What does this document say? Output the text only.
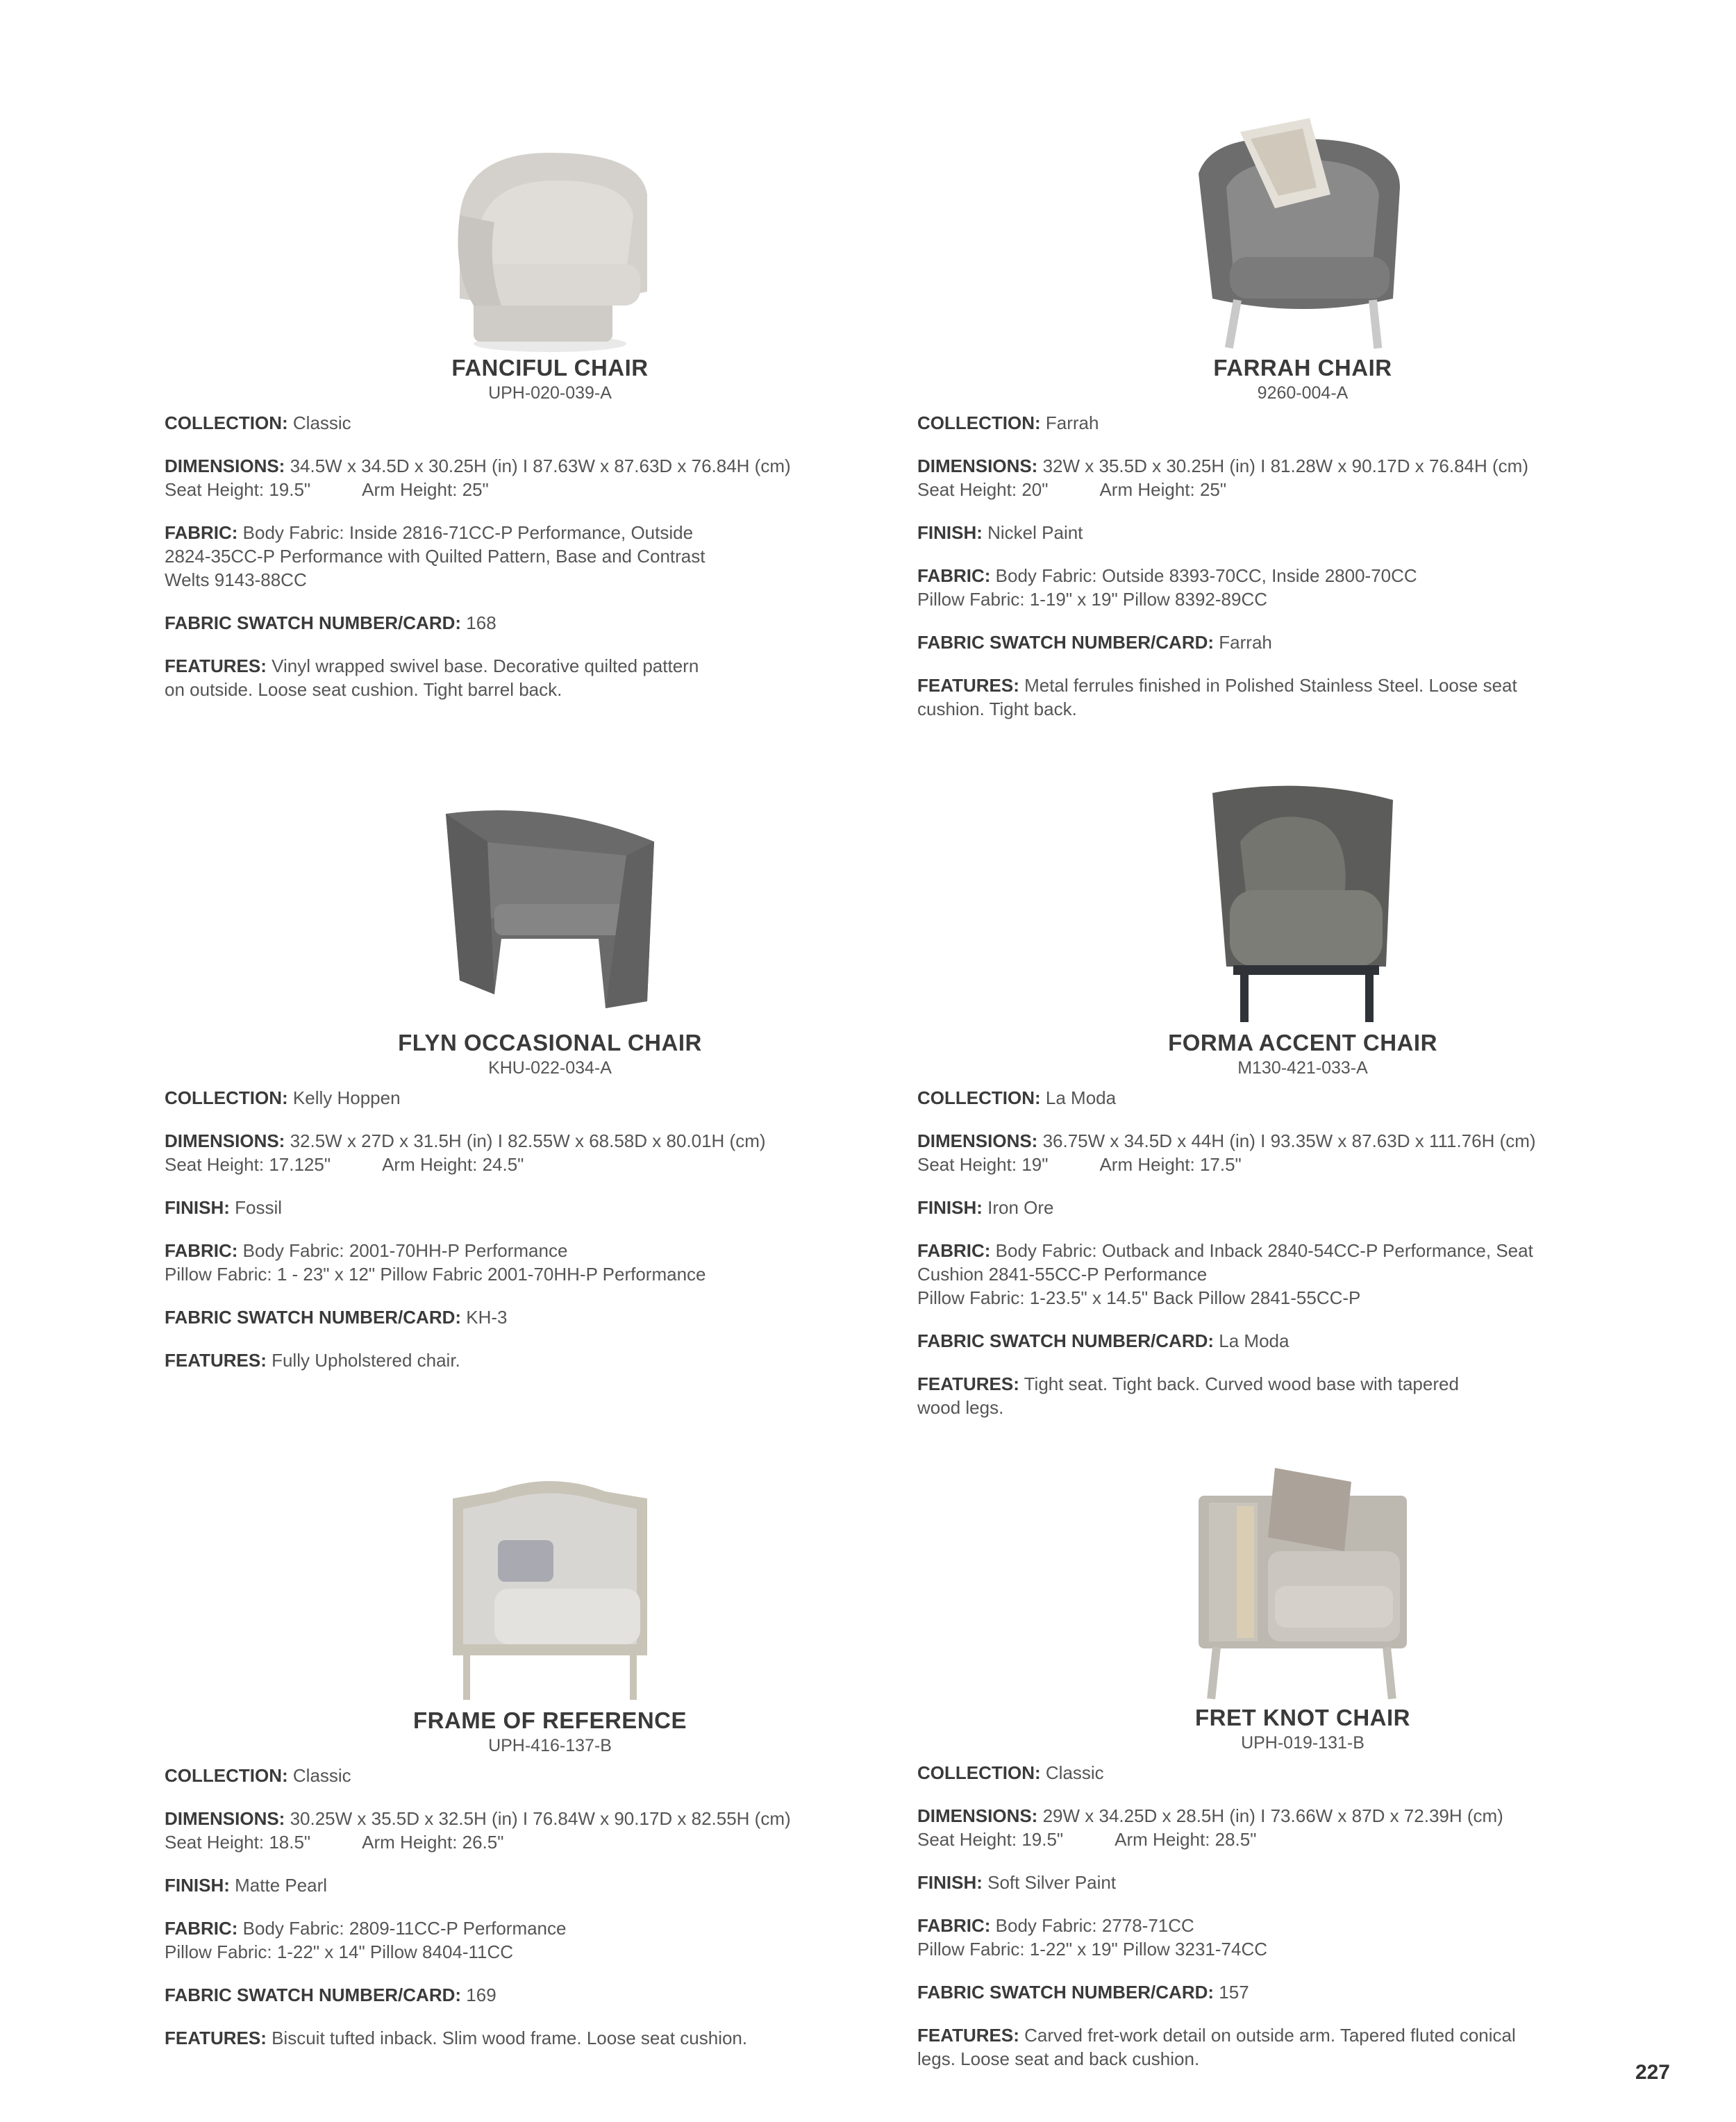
FANCIFUL CHAIR
UPH-020-039-A
COLLECTION: Classic
DIMENSIONS: 34.5W x 34.5D x 30.25H (in) I 87.63W x 87.63D x 76.84H (cm)
Seat Height: 19.5"	Arm Height: 25"
FABRIC: Body Fabric: Inside 2816-71CC-P Performance, Outside
2824-35CC-P Performance with Quilted Pattern, Base and Contrast
Welts 9143-88CC
FABRIC SWATCH NUMBER/CARD: 168
FEATURES: Vinyl wrapped swivel base. Decorative quilted pattern
on outside. Loose seat cushion. Tight barrel back.
FARRAH CHAIR
9260-004-A
COLLECTION: Farrah
DIMENSIONS: 32W x 35.5D x 30.25H (in) I 81.28W x 90.17D x 76.84H (cm)
Seat Height: 20"	Arm Height: 25"
FINISH: Nickel Paint
FABRIC: Body Fabric: Outside 8393-70CC, Inside 2800-70CC
Pillow Fabric: 1-19" x 19" Pillow 8392-89CC
FABRIC SWATCH NUMBER/CARD: Farrah
FEATURES: Metal ferrules finished in Polished Stainless Steel. Loose seat
cushion. Tight back.
FLYN OCCASIONAL CHAIR
KHU-022-034-A
COLLECTION: Kelly Hoppen
DIMENSIONS: 32.5W x 27D x 31.5H (in) I 82.55W x 68.58D x 80.01H (cm)
Seat Height: 17.125"	Arm Height: 24.5"
FINISH: Fossil
FABRIC: Body Fabric: 2001-70HH-P Performance
Pillow Fabric: 1 - 23" x 12" Pillow Fabric 2001-70HH-P Performance
FABRIC SWATCH NUMBER/CARD: KH-3
FEATURES: Fully Upholstered chair.
FORMA ACCENT CHAIR
M130-421-033-A
COLLECTION: La Moda
DIMENSIONS: 36.75W x 34.5D x 44H (in) I 93.35W x 87.63D x 111.76H (cm)
Seat Height: 19"	Arm Height: 17.5"
FINISH: Iron Ore
FABRIC: Body Fabric: Outback and Inback 2840-54CC-P Performance, Seat
Cushion 2841-55CC-P Performance
Pillow Fabric: 1-23.5" x 14.5" Back Pillow 2841-55CC-P
FABRIC SWATCH NUMBER/CARD: La Moda
FEATURES: Tight seat. Tight back. Curved wood base with tapered
wood legs.
FRAME OF REFERENCE
UPH-416-137-B
COLLECTION: Classic
DIMENSIONS: 30.25W x 35.5D x 32.5H (in) I 76.84W x 90.17D x 82.55H (cm)
Seat Height: 18.5"	Arm Height: 26.5"
FINISH: Matte Pearl
FABRIC: Body Fabric: 2809-11CC-P Performance
Pillow Fabric: 1-22" x 14" Pillow 8404-11CC
FABRIC SWATCH NUMBER/CARD: 169
FEATURES: Biscuit tufted inback. Slim wood frame. Loose seat cushion.
FRET KNOT CHAIR
UPH-019-131-B
COLLECTION: Classic
DIMENSIONS: 29W x 34.25D x 28.5H (in) I 73.66W x 87D x 72.39H (cm)
Seat Height: 19.5"	Arm Height: 28.5"
FINISH: Soft Silver Paint
FABRIC: Body Fabric: 2778-71CC
Pillow Fabric: 1-22" x 19" Pillow 3231-74CC
FABRIC SWATCH NUMBER/CARD: 157
FEATURES: Carved fret-work detail on outside arm. Tapered fluted conical
legs. Loose seat and back cushion.
227
